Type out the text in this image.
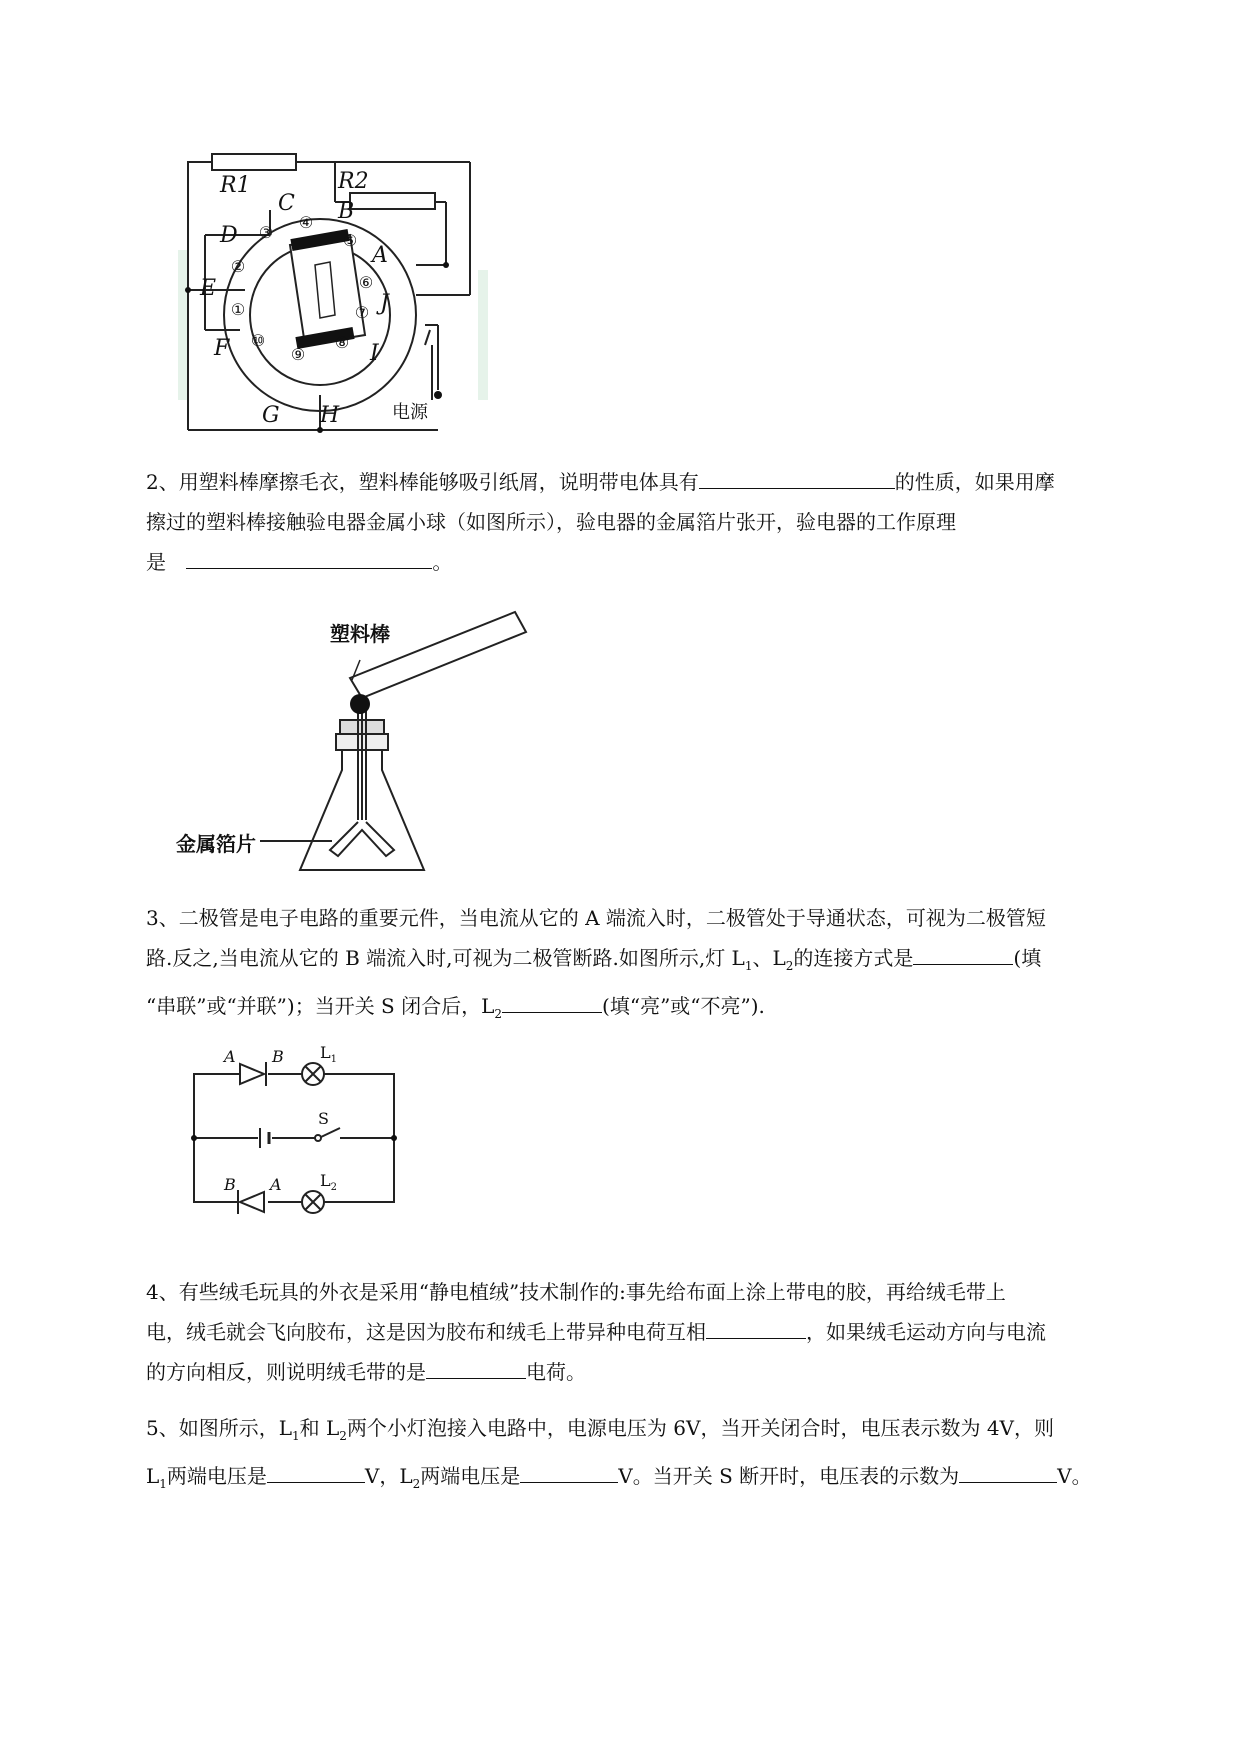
①
②
③
④
⑤
⑥
⑦
⑧
⑨
⑩
R1	R2
C B
D
A
E
J
F	I
G H	电源
2、用塑料棒摩擦毛衣，塑料棒能够吸引纸屑，说明带电体具有	的性质，如果用摩
擦过的塑料棒接触验电器金属小球（如图所示），验电器的金属箔片张开，验电器的工作原理
是	。
塑料棒
金属箔片
3、二极管是电子电路的重要元件，当电流从它的 A 端流入时，二极管处于导通状态，可视为二极管短
路.反之,当电流从它的 B 端流入时,可视为二极管断路.如图所示,灯 $L_1$、$L_2$的连接方式是	(填
“串联”或“并联”)；当开关 S 闭合后，$L_2$	(填“亮”或“不亮”).
A B
B A
$L_1$
S
$L_2$
4、有些绒毛玩具的外衣是采用“静电植绒”技术制作的:事先给布面上涂上带电的胶，再给绒毛带上
电，绒毛就会飞向胶布，这是因为胶布和绒毛上带异种电荷互相	，如果绒毛运动方向与电流
的方向相反，则说明绒毛带的是	电荷。
5、如图所示，$L_1$和 $L_2$两个小灯泡接入电路中，电源电压为 6V，当开关闭合时，电压表示数为 4V，则
$L_1$两端电压是	V，$L_2$两端电压是	V。当开关 S 断开时，电压表的示数为	V。
